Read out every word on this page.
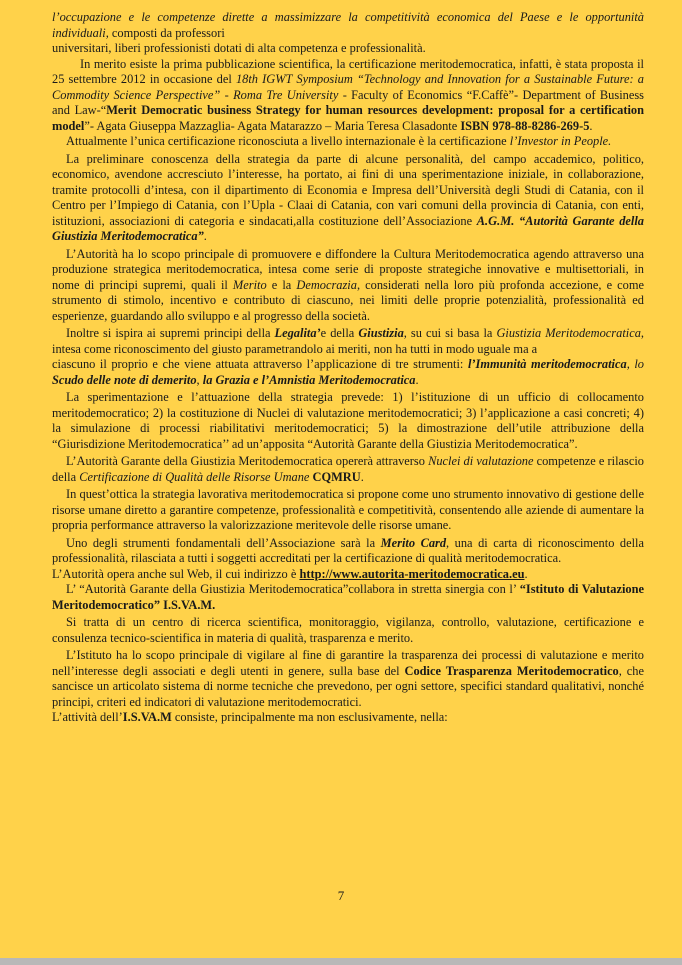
l’occupazione e le competenze dirette a massimizzare la competitività economica del Paese e le opportunità individuali, composti da professori

universitari, liberi professionisti dotati di alta competenza e professionalità.

In merito esiste la prima pubblicazione scientifica, la certificazione meritodemocratica, infatti, è stata proposta il 25 settembre 2012 in occasione del 18th IGWT Symposium “Technology and Innovation for a Sustainable Future: a Commodity Science Perspective” - Roma Tre University - Faculty of Economics “F.Caffè”- Department of Business and Law-“Merit Democratic business Strategy for human resources development: proposal for a certification model”- Agata Giuseppa Mazzaglia- Agata Matarazzo – Maria Teresa Clasadonte ISBN 978-88-8286-269-5.

Attualmente l’unica certificazione riconosciuta a livello internazionale è la certificazione l’Investor in People.

La preliminare conoscenza della strategia da parte di alcune personalità, del campo accademico, politico, economico, avendone accresciuto l’interesse, ha portato, ai fini di una sperimentazione iniziale, in collaborazione, tramite protocolli d’intesa, con il dipartimento di Economia e Impresa dell’Università degli Studi di Catania, con il Centro per l’Impiego di Catania, con l’Upla - Claai di Catania, con vari comuni della provincia di Catania, con enti, istituzioni, associazioni di categoria e sindacati,alla costituzione dell’Associazione A.G.M. “Autorità Garante della Giustizia Meritodemocratica”.

L’Autorità ha lo scopo principale di promuovere e diffondere la Cultura Meritodemocratica agendo attraverso una produzione strategica meritodemocratica, intesa come serie di proposte strategiche innovative e multisettoriali, in nome di principi supremi, quali il Merito e la Democrazia, considerati nella loro più profonda accezione, e come strumento di stimolo, incentivo e contributo di ciascuno, nei limiti delle proprie potenzialità, professionalità ed esperienze, guardando allo sviluppo e al progresso della società.

Inoltre si ispira ai supremi principi della Legalita’e della Giustizia, su cui si basa la Giustizia Meritodemocratica, intesa come riconoscimento del giusto parametrandolo ai meriti, non ha tutti in modo uguale ma a

ciascuno il proprio e che viene attuata attraverso l’applicazione di tre strumenti: l’Immunità meritodemocratica, lo Scudo delle note di demerito, la Grazia e l’Amnistia Meritodemocratica.

La sperimentazione e l’attuazione della strategia prevede: 1) l’istituzione di un ufficio di collocamento meritodemocratico; 2) la costituzione di Nuclei di valutazione meritodemocratici; 3) l’applicazione a casi concreti; 4) la simulazione di processi riabilitativi meritodemocratici; 5) la dimostrazione dell’utile attribuzione della “Giurisdizione Meritodemocratica’’ ad un’apposita “Autorità Garante della Giustizia Meritodemocratica”.

L’Autorità Garante della Giustizia Meritodemocratica opererà attraverso Nuclei di valutazione competenze e rilascio della Certificazione di Qualità delle Risorse Umane CQMRU.

In quest’ottica la strategia lavorativa meritodemocratica si propone come uno strumento innovativo di gestione delle risorse umane diretto a garantire competenze, professionalità e competitività, consentendo alle aziende di aumentare la propria performance attraverso la valorizzazione meritevole delle risorse umane.

Uno degli strumenti fondamentali dell’Associazione sarà la Merito Card, una di carta di riconoscimento della professionalità, rilasciata a tutti i soggetti accreditati per la certificazione di qualità meritodemocratica.

L’Autorità opera anche sul Web, il cui indirizzo è http://www.autorita-meritodemocratica.eu.

L’ “Autorità Garante della Giustizia Meritodemocratica”collabora in stretta sinergia con l’ “Istituto di Valutazione Meritodemocratico” I.S.VA.M.

Si tratta di un centro di ricerca scientifica, monitoraggio, vigilanza, controllo, valutazione, certificazione e consulenza tecnico-scientifica in materia di qualità, trasparenza e merito.

L’Istituto ha lo scopo principale di vigilare al fine di garantire la trasparenza dei processi di valutazione e merito nell’interesse degli associati e degli utenti in genere, sulla base del Codice Trasparenza Meritodemocratico, che sancisce un articolato sistema di norme tecniche che prevedono, per ogni settore, specifici standard qualitativi, nonché principi, criteri ed indicatori di valutazione meritodemocratici.

L’attività dell’I.S.VA.M consiste, principalmente ma non esclusivamente, nella:

7
